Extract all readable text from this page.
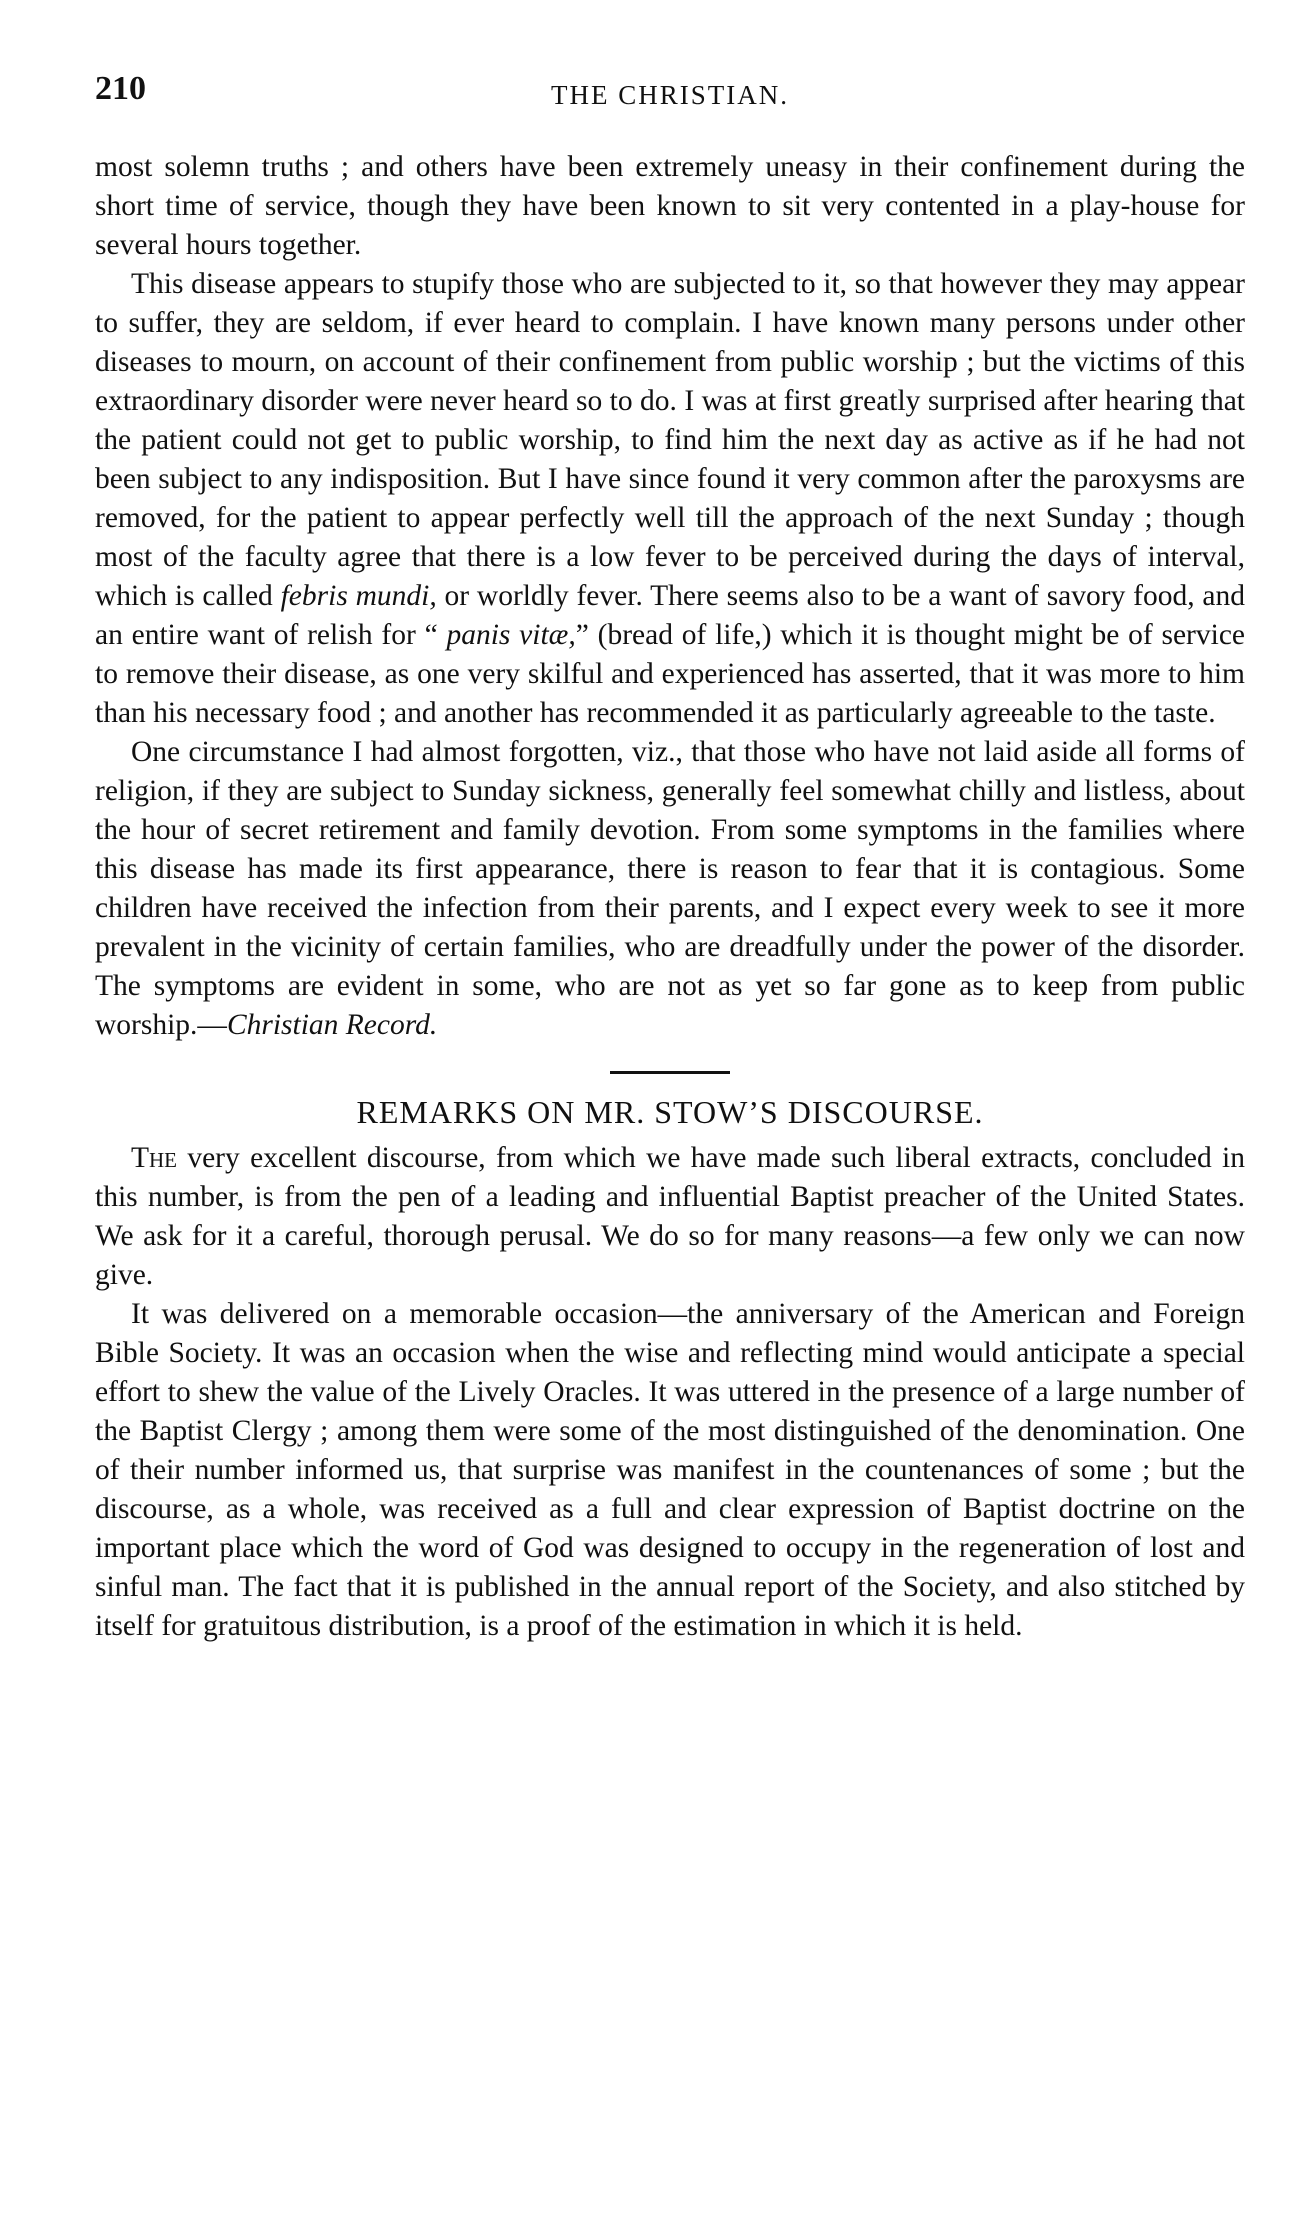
210	THE CHRISTIAN.

most solemn truths ; and others have been extremely uneasy in their confinement during the short time of service, though they have been known to sit very contented in a play-house for several hours together.

This disease appears to stupify those who are subjected to it, so that however they may appear to suffer, they are seldom, if ever heard to complain. I have known many persons under other diseases to mourn, on account of their confinement from public worship ; but the victims of this extraordinary disorder were never heard so to do. I was at first greatly surprised after hearing that the patient could not get to public worship, to find him the next day as active as if he had not been subject to any indisposition. But I have since found it very common after the paroxysms are removed, for the patient to appear perfectly well till the approach of the next Sunday ; though most of the faculty agree that there is a low fever to be perceived during the days of interval, which is called febris mundi, or worldly fever. There seems also to be a want of savory food, and an entire want of relish for “ panis vitæ,” (bread of life,) which it is thought might be of service to remove their disease, as one very skilful and experienced has asserted, that it was more to him than his necessary food ; and another has recommended it as particularly agreeable to the taste.

One circumstance I had almost forgotten, viz., that those who have not laid aside all forms of religion, if they are subject to Sunday sickness, generally feel somewhat chilly and listless, about the hour of secret retirement and family devotion. From some symptoms in the families where this disease has made its first appearance, there is reason to fear that it is contagious. Some children have received the infection from their parents, and I expect every week to see it more prevalent in the vicinity of certain families, who are dreadfully under the power of the disorder. The symptoms are evident in some, who are not as yet so far gone as to keep from public worship.—Christian Record.

REMARKS ON MR. STOW’S DISCOURSE.

The very excellent discourse, from which we have made such liberal extracts, concluded in this number, is from the pen of a leading and influential Baptist preacher of the United States. We ask for it a careful, thorough perusal. We do so for many reasons—a few only we can now give.

It was delivered on a memorable occasion—the anniversary of the American and Foreign Bible Society. It was an occasion when the wise and reflecting mind would anticipate a special effort to shew the value of the Lively Oracles. It was uttered in the presence of a large number of the Baptist Clergy ; among them were some of the most distinguished of the denomination. One of their number informed us, that surprise was manifest in the countenances of some ; but the discourse, as a whole, was received as a full and clear expression of Baptist doctrine on the important place which the word of God was designed to occupy in the regeneration of lost and sinful man. The fact that it is published in the annual report of the Society, and also stitched by itself for gratuitous distribution, is a proof of the estimation in which it is held.
